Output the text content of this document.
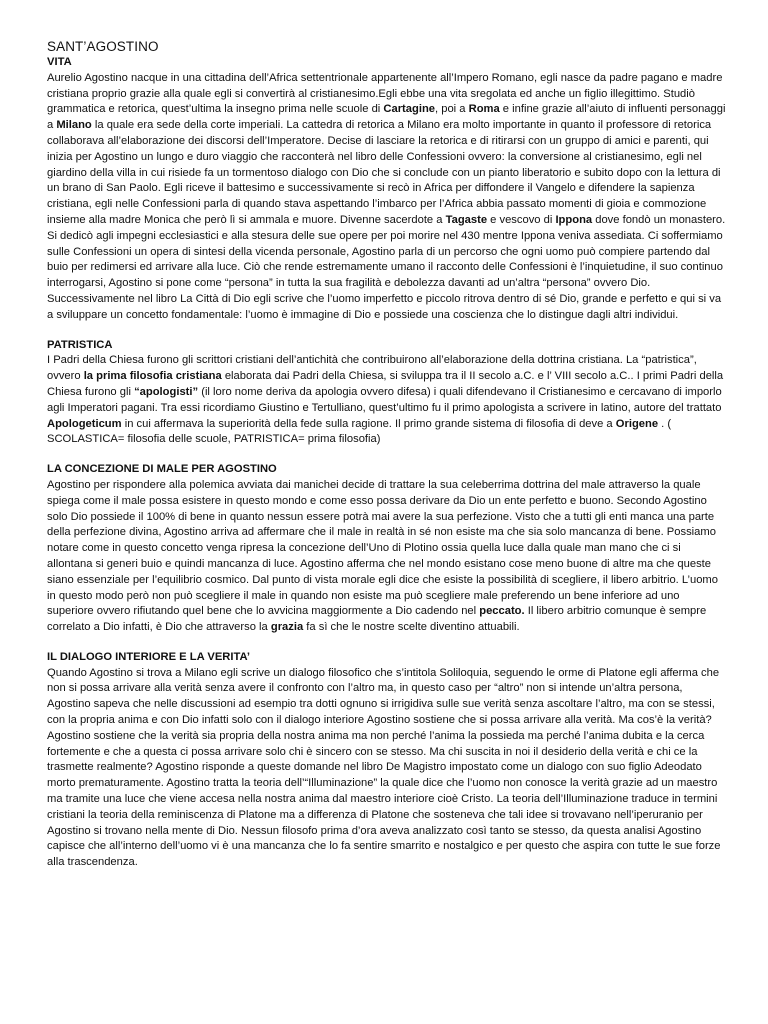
SANT’AGOSTINO
VITA

Aurelio Agostino nacque in una cittadina dell’Africa settentrionale appartenente all’Impero Romano, egli nasce da padre pagano e madre cristiana proprio grazie alla quale egli si convertirà al cristianesimo.Egli ebbe una vita sregolata ed anche un figlio illegittimo. Studiò grammatica e retorica, quest’ultima la insegno prima nelle scuole di Cartagine, poi a Roma e infine grazie all’aiuto di influenti personaggi a Milano la quale era sede della corte imperiali. La cattedra di retorica a Milano era molto importante in quanto il professore di retorica collaborava all’elaborazione dei discorsi dell’Imperatore. Decise di lasciare la retorica e di ritirarsi con un gruppo di amici e parenti, qui inizia per Agostino un lungo e duro viaggio che racconterà nel libro delle Confessioni ovvero: la conversione al cristianesimo, egli nel giardino della villa in cui risiede fa un tormentoso dialogo con Dio che si conclude con un pianto liberatorio e subito dopo con la lettura di un brano di San Paolo. Egli riceve il battesimo e successivamente si recò in Africa per diffondere il Vangelo e difendere la sapienza cristiana, egli nelle Confessioni parla di quando stava aspettando l’imbarco per l’Africa abbia passato momenti di gioia e commozione insieme alla madre Monica che però lì si ammala e muore. Divenne sacerdote a Tagaste e vescovo di Ippona dove fondò un monastero. Si dedicò agli impegni ecclesiastici e alla stesura delle sue opere per poi morire nel 430 mentre Ippona veniva assediata. Ci soffermiamo sulle Confessioni un opera di sintesi della vicenda personale, Agostino parla di un percorso che ogni uomo può compiere partendo dal buio per redimersi ed arrivare alla luce. Ciò che rende estremamente umano il racconto delle Confessioni è l’inquietudine, il suo continuo interrogarsi, Agostino si pone come “persona” in tutta la sua fragilità e debolezza davanti ad un’altra “persona” ovvero Dio. Successivamente nel libro La Città di Dio egli scrive che l’uomo imperfetto e piccolo ritrova dentro di sé Dio, grande e perfetto e qui si va a sviluppare un concetto fondamentale: l’uomo è immagine di Dio e possiede una coscienza che lo distingue dagli altri individui.

PATRISTICA

I Padri della Chiesa furono gli scrittori cristiani dell’antichità che contribuirono all’elaborazione della dottrina cristiana. La “patristica”, ovvero la prima filosofia cristiana elaborata dai Padri della Chiesa, si sviluppa tra il II secolo a.C. e l’ VIII secolo a.C.. I primi Padri della Chiesa furono gli “apologisti” (il loro nome deriva da apologia ovvero difesa) i quali difendevano il Cristianesimo e cercavano di imporlo agli Imperatori pagani. Tra essi ricordiamo Giustino e Tertulliano, quest’ultimo fu il primo apologista a scrivere in latino, autore del trattato Apologeticum in cui affermava la superiorità della fede sulla ragione. Il primo grande sistema di filosofia di deve a Origene . ( SCOLASTICA= filosofia delle scuole, PATRISTICA= prima filosofia)

LA CONCEZIONE DI MALE PER AGOSTINO

Agostino per rispondere alla polemica avviata dai manichei decide di trattare la sua celeberrima dottrina del male attraverso la quale spiega come il male possa esistere in questo mondo e come esso possa derivare da Dio un ente perfetto e buono. Secondo Agostino solo Dio possiede il 100% di bene in quanto nessun essere potrà mai avere la sua perfezione. Visto che a tutti gli enti manca una parte della perfezione divina, Agostino arriva ad affermare che il male in realtà in sé non esiste ma che sia solo mancanza di bene. Possiamo notare come in questo concetto venga ripresa la concezione dell’Uno di Plotino ossia quella luce dalla quale man mano che ci si allontana si generi buio e quindi mancanza di luce. Agostino afferma che nel mondo esistano cose meno buone di altre ma che queste siano essenziale per l’equilibrio cosmico. Dal punto di vista morale egli dice che esiste la possibilità di scegliere, il libero arbitrio. L’uomo in questo modo però non può scegliere il male in quando non esiste ma può scegliere male preferendo un bene inferiore ad uno superiore ovvero rifiutando quel bene che lo avvicina maggiormente a Dio cadendo nel peccato. Il libero arbitrio comunque è sempre correlato a Dio infatti, è Dio che attraverso la grazia fa sì che le nostre scelte diventino attuabili.

IL DIALOGO INTERIORE E LA VERITA’

Quando Agostino si trova a Milano egli scrive un dialogo filosofico che s’intitola Soliloquia, seguendo le orme di Platone egli afferma che non si possa arrivare alla verità senza avere il confronto con l’altro ma, in questo caso per “altro” non si intende un’altra persona, Agostino sapeva che nelle discussioni ad esempio tra dotti ognuno si irrigidiva sulle sue verità senza ascoltare l’altro, ma con se stessi, con la propria anima e con Dio infatti solo con il dialogo interiore Agostino sostiene che si possa arrivare alla verità. Ma cos’è la verità? Agostino sostiene che la verità sia propria della nostra anima ma non perché l’anima la possieda ma perché l’anima dubita e la cerca fortemente e che a questa ci possa arrivare solo chi è sincero con se stesso. Ma chi suscita in noi il desiderio della verità e chi ce la trasmette realmente? Agostino risponde a queste domande nel libro De Magistro impostato come un dialogo con suo figlio Adeodato morto prematuramente. Agostino tratta la teoria dell’“Illuminazione” la quale dice che l’uomo non conosce la verità grazie ad un maestro ma tramite una luce che viene accesa nella nostra anima dal maestro interiore cioè Cristo. La teoria dell’Illuminazione traduce in termini cristiani la teoria della reminiscenza di Platone ma a differenza di Platone che sosteneva che tali idee si trovavano nell’iperuranio per Agostino si trovano nella mente di Dio. Nessun filosofo prima d’ora aveva analizzato così tanto se stesso, da questa analisi Agostino capisce che all’interno dell’uomo vi è una mancanza che lo fa sentire smarrito e nostalgico e per questo che aspira con tutte le sue forze alla trascendenza.
